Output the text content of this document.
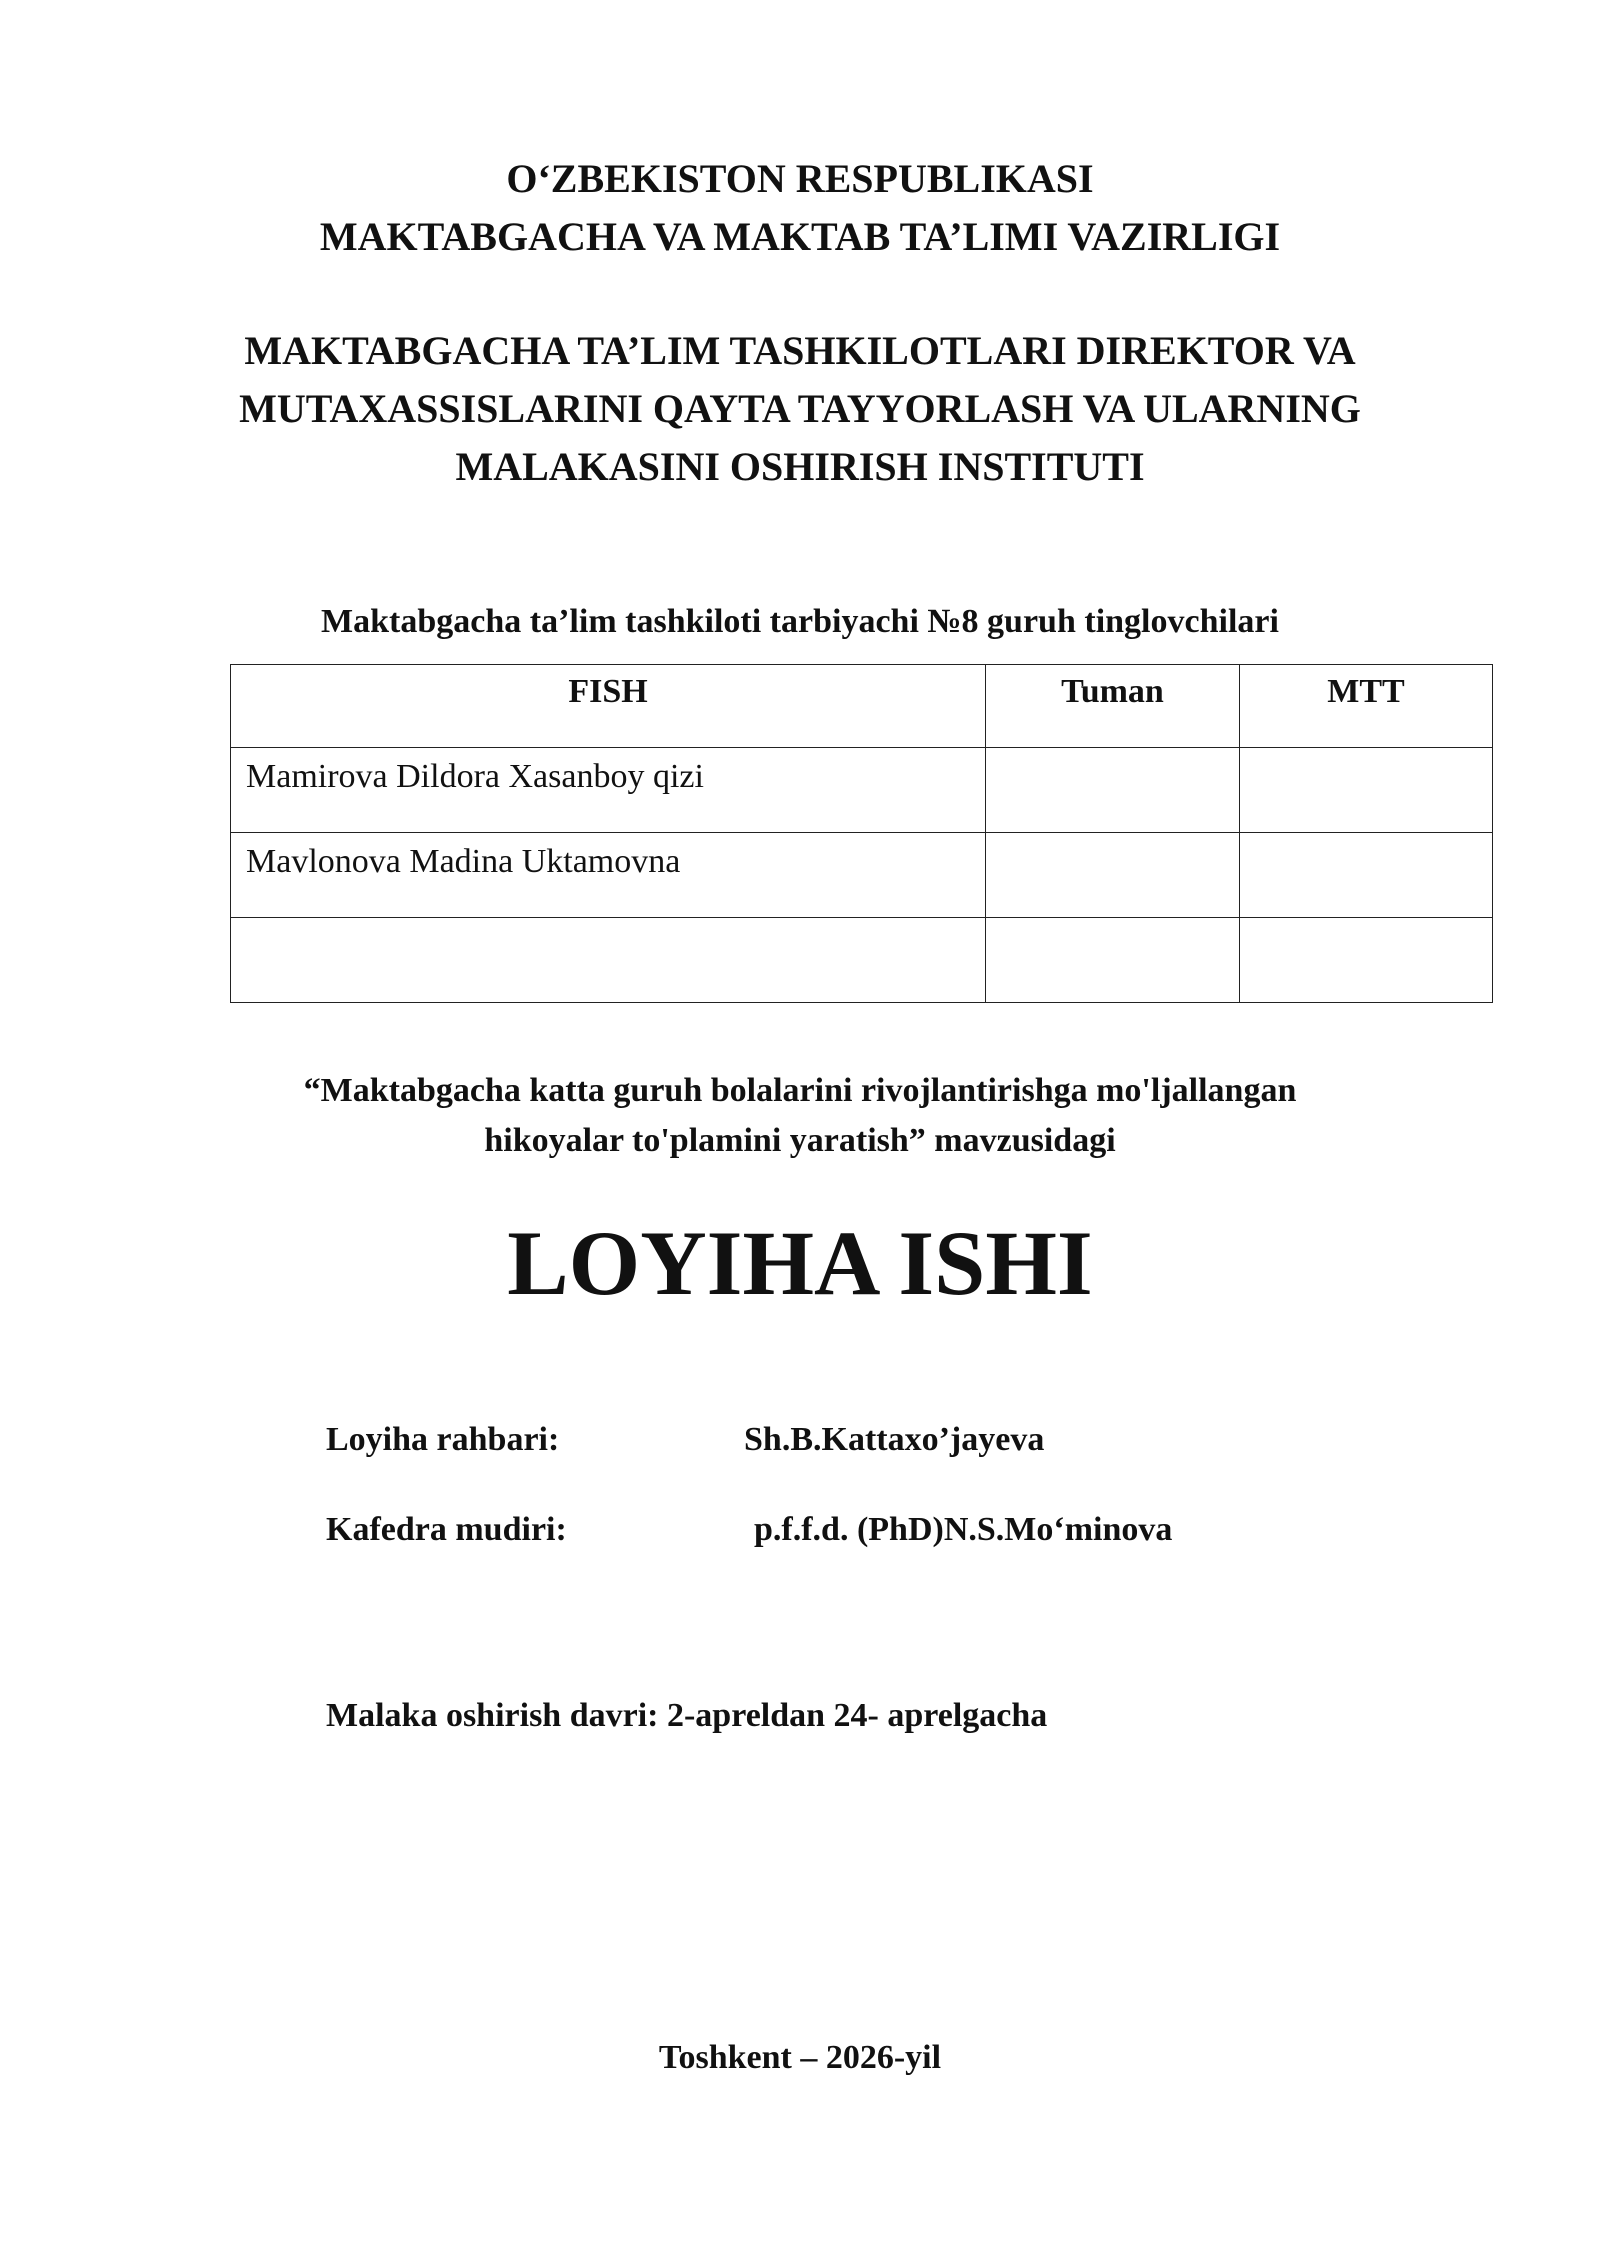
O‘ZBEKISTON RESPUBLIKASI
MAKTABGACHA VA MAKTAB TA’LIMI VAZIRLIGI
MAKTABGACHA TA’LIM TASHKILOTLARI DIREKTOR VA
MUTAXASSISLARINI QAYTA TAYYORLASH VA ULARNING
MALAKASINI OSHIRISH INSTITUTI
Maktabgacha ta’lim tashkiloti tarbiyachi №8 guruh tinglovchilari
FISH	Tuman	MTT
Mamirova Dildora Xasanboy qizi		
Mavlonova Madina Uktamovna		

“Maktabgacha katta guruh bolalarini rivojlantirishga mo'ljallangan
hikoyalar to'plamini yaratish” mavzusidagi
LOYIHA ISHI
Loyiha rahbari:	Sh.B.Kattaxo’jayeva
Kafedra mudiri:	p.f.f.d. (PhD)N.S.Mo‘minova
Malaka oshirish davri: 2-apreldan 24- aprelgacha
Toshkent – 2026-yil
